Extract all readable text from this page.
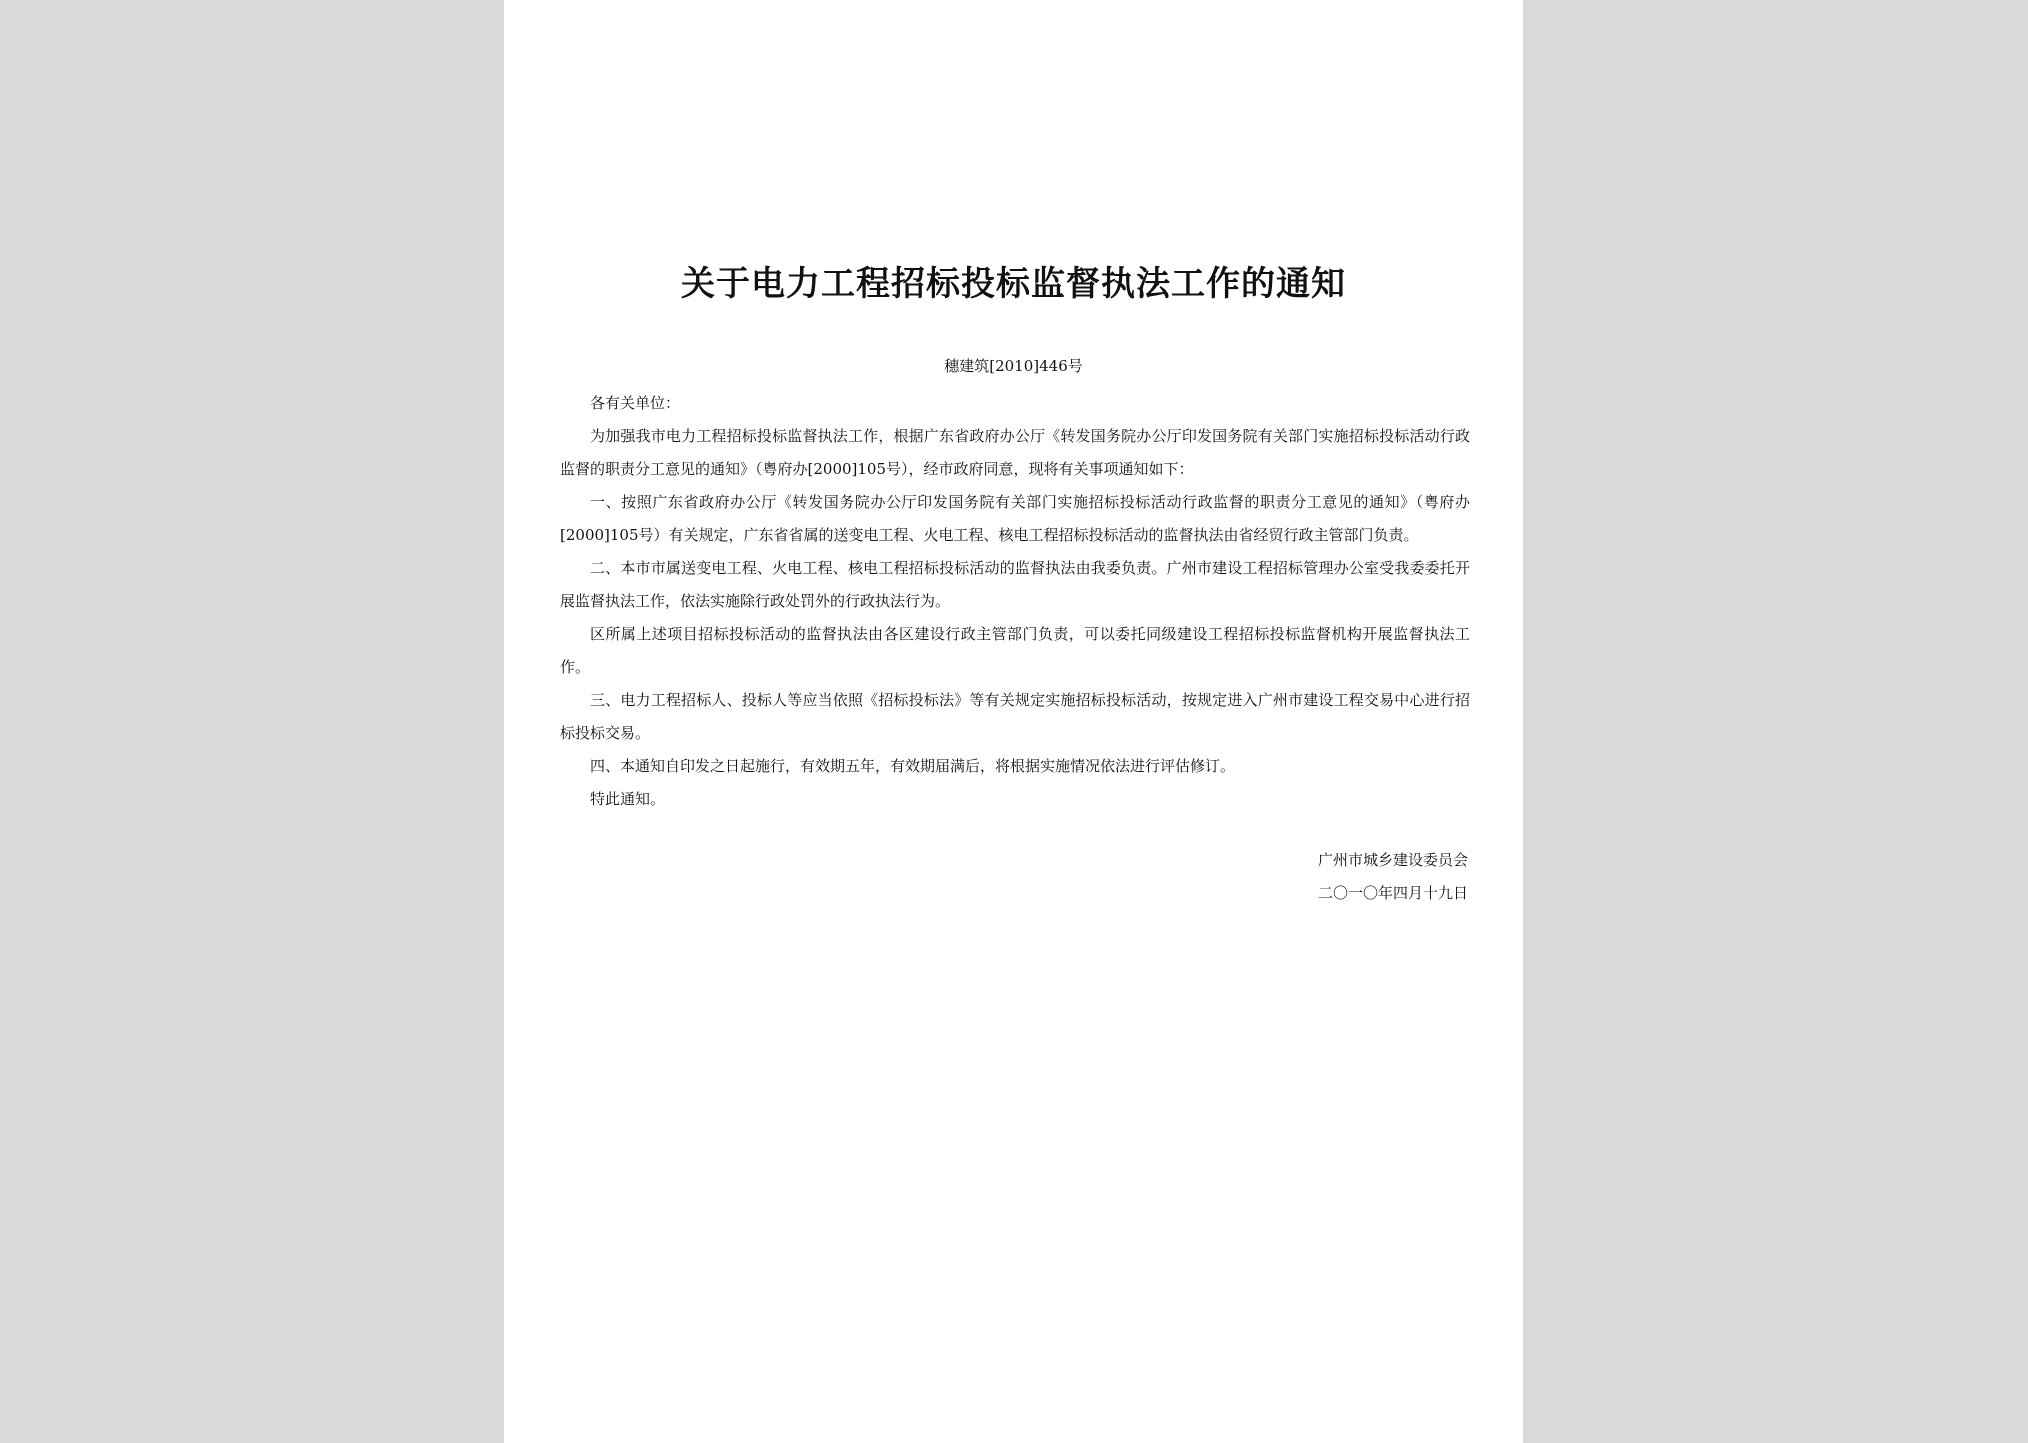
关于电力工程招标投标监督执法工作的通知
穗建筑[2010]446号

各有关单位：

为加强我市电力工程招标投标监督执法工作，根据广东省政府办公厅《转发国务院办公厅印发国务院有关部门实施招标投标活动行政监督的职责分工意见的通知》（粤府办[2000]105号），经市政府同意，现将有关事项通知如下：

一、按照广东省政府办公厅《转发国务院办公厅印发国务院有关部门实施招标投标活动行政监督的职责分工意见的通知》（粤府办[2000]105号）有关规定，广东省省属的送变电工程、火电工程、核电工程招标投标活动的监督执法由省经贸行政主管部门负责。

二、本市市属送变电工程、火电工程、核电工程招标投标活动的监督执法由我委负责。广州市建设工程招标管理办公室受我委委托开展监督执法工作，依法实施除行政处罚外的行政执法行为。

区所属上述项目招标投标活动的监督执法由各区建设行政主管部门负责，可以委托同级建设工程招标投标监督机构开展监督执法工作。

三、电力工程招标人、投标人等应当依照《招标投标法》等有关规定实施招标投标活动，按规定进入广州市建设工程交易中心进行招标投标交易。

四、本通知自印发之日起施行，有效期五年，有效期届满后，将根据实施情况依法进行评估修订。

特此通知。

广州市城乡建设委员会
二〇一〇年四月十九日
